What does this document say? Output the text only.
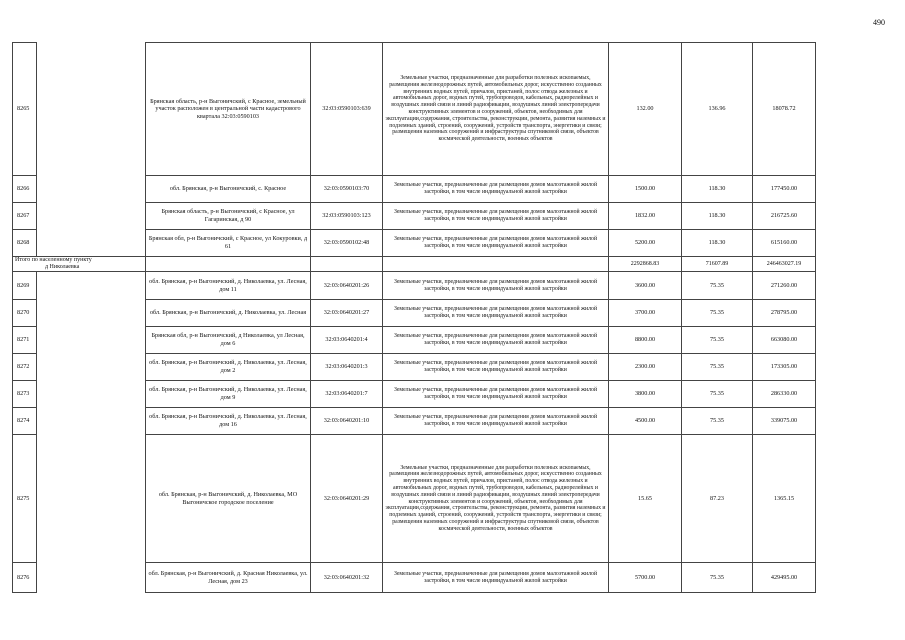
490
8265		Брянская область, р-н Выгоничский, с Красное, земельный участок расположен в центральной части кадастрового квартала 32:03:0590103	32:03:0590103:639	Земельные участки, предназначенные для разработки полезных ископаемых, размещения железнодорожных путей, автомобильных дорог, искусственно созданных внутренних водных путей, причалов, пристаней, полос отвода железных и автомобильных дорог, водных путей, трубопроводов, кабельных, радиорелейных и воздушных линий связи и линий радиофикации, воздушных линий электропередачи конструктивных элементов и сооружений, объектов, необходимых для эксплуатации,содержания, строительства, реконструкции, ремонта, развития наземных и подземных зданий, строений, сооружений, устройств транспорта, энергетики и связи; размещения наземных сооружений и инфраструктуры спутниковой связи, объектов космической деятельности, военных объектов		132.00	136.96	18078.72
8266		обл. Брянская, р-н Выгоничский, с. Красное	32:03:0590103:70	Земельные участки, предназначенные для размещения домов малоэтажной жилой застройки, в том числе индивидуальной жилой застройки		1500.00	118.30	177450.00
8267		Брянская область, р-н Выгоничский, с Красное, ул Гагаринская, д 90	32:03:0590103:123	Земельные участки, предназначенные для размещения домов малоэтажной жилой застройки, в том числе индивидуальной жилой застройки		1832.00	118.30	216725.60
8268		Брянская обл, р-н Выгоничский, с Красное, ул Кокуровки, д 61	32:03:0590102:48	Земельные участки, предназначенные для размещения домов малоэтажной жилой застройки, в том числе индивидуальной жилой застройки		5200.00	118.30	615160.00
Итого по населенному пункту
д Николаевка					2292868.83	71607.89	246463027.19
8269		обл. Брянская, р-н Выгоничский, д. Николаевка, ул. Лесная, дом 11	32:03:0640201:26	Земельные участки, предназначенные для размещения домов малоэтажной жилой застройки, в том числе индивидуальной жилой застройки		3600.00	75.35	271260.00
8270		обл. Брянская, р-н Выгоничский, д. Николаевка, ул. Лесная	32:03:0640201:27	Земельные участки, предназначенные для размещения домов малоэтажной жилой застройки, в том числе индивидуальной жилой застройки		3700.00	75.35	278795.00
8271		Брянская обл, р-н Выгоничский, д Николаевка, ул Лесная, дом 6	32:03:0640201:4	Земельные участки, предназначенные для размещения домов малоэтажной жилой застройки, в том числе индивидуальной жилой застройки		8800.00	75.35	663080.00
8272		обл. Брянская, р-н Выгоничский, д. Николаевка, ул. Лесная, дом 2	32:03:0640201:3	Земельные участки, предназначенные для размещения домов малоэтажной жилой застройки, в том числе индивидуальной жилой застройки		2300.00	75.35	173305.00
8273		обл. Брянская, р-н Выгоничский, д. Николаевка, ул. Лесная, дом 9	32:03:0640201:7	Земельные участки, предназначенные для размещения домов малоэтажной жилой застройки, в том числе индивидуальной жилой застройки		3800.00	75.35	286330.00
8274		обл. Брянская, р-н Выгоничский, д. Николаевка, ул. Лесная, дом 16	32:03:0640201:10	Земельные участки, предназначенные для размещения домов малоэтажной жилой застройки, в том числе индивидуальной жилой застройки		4500.00	75.35	339075.00
8275		обл. Брянская, р-н Выгоничский, д. Николаевка, МО Выгоничское городское поселение	32:03:0640201:29	Земельные участки, предназначенные для разработки полезных ископаемых, размещения железнодорожных путей, автомобильных дорог, искусственно созданных внутренних водных путей, причалов, пристаней, полос отвода железных и автомобильных дорог, водных путей, трубопроводов, кабельных, радиорелейных и воздушных линий связи и линий радиофикации, воздушных линий электропередачи конструктивных элементов и сооружений, объектов, необходимых для эксплуатации,содержания, строительства, реконструкции, ремонта, развития наземных и подземных зданий, строений, сооружений, устройств транспорта, энергетики и связи; размещения наземных сооружений и инфраструктуры спутниковой связи, объектов космической деятельности, военных объектов		15.65	87.23	1365.15
8276		обл. Брянская, р-н Выгоничский, д. Красная Николаевка, ул. Лесная, дом 23	32:03:0640201:32	Земельные участки, предназначенные для размещения домов малоэтажной жилой застройки, в том числе индивидуальной жилой застройки		5700.00	75.35	429495.00
